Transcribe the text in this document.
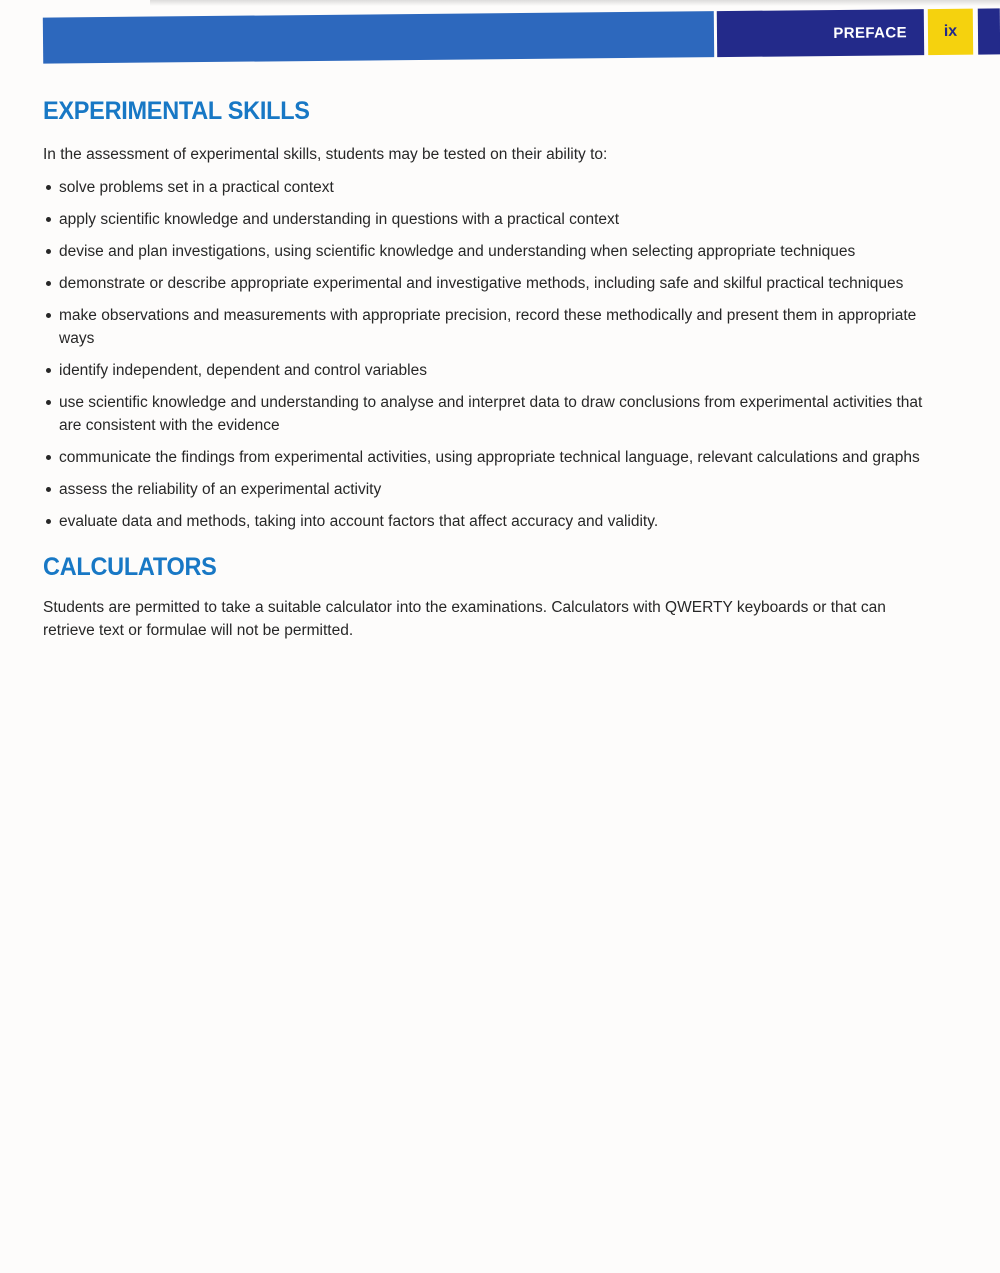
PREFACE ix
EXPERIMENTAL SKILLS

In the assessment of experimental skills, students may be tested on their ability to:

solve problems set in a practical context
apply scientific knowledge and understanding in questions with a practical context
devise and plan investigations, using scientific knowledge and understanding when selecting appropriate techniques
demonstrate or describe appropriate experimental and investigative methods, including safe and skilful practical techniques
make observations and measurements with appropriate precision, record these methodically and present them in appropriate ways
identify independent, dependent and control variables
use scientific knowledge and understanding to analyse and interpret data to draw conclusions from experimental activities that are consistent with the evidence
communicate the findings from experimental activities, using appropriate technical language, relevant calculations and graphs
assess the reliability of an experimental activity
evaluate data and methods, taking into account factors that affect accuracy and validity.
CALCULATORS

Students are permitted to take a suitable calculator into the examinations. Calculators with QWERTY keyboards or that can retrieve text or formulae will not be permitted.
